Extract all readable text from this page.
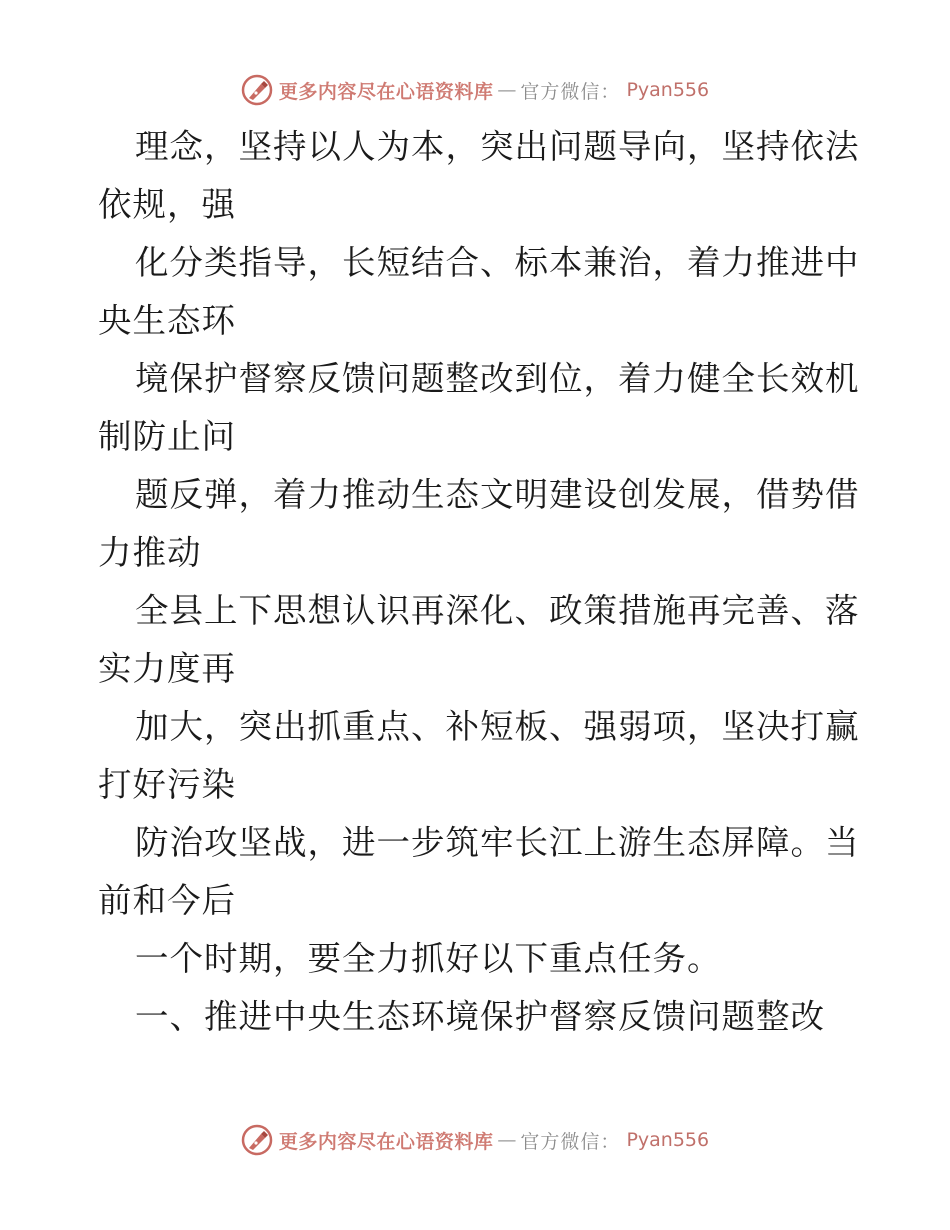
更多内容尽在心语资料库 — 官方微信： Pyan556
理念，坚持以人为本，突出问题导向，坚持依法
依规，强
化分类指导，长短结合、标本兼治，着力推进中
央生态环
境保护督察反馈问题整改到位，着力健全长效机
制防止问
题反弹，着力推动生态文明建设创发展，借势借
力推动
全县上下思想认识再深化、政策措施再完善、落
实力度再
加大，突出抓重点、补短板、强弱项，坚决打赢
打好污染
防治攻坚战，进一步筑牢长江上游生态屏障。当
前和今后
一个时期，要全力抓好以下重点任务。
一、推进中央生态环境保护督察反馈问题整改
更多内容尽在心语资料库 — 官方微信： Pyan556
